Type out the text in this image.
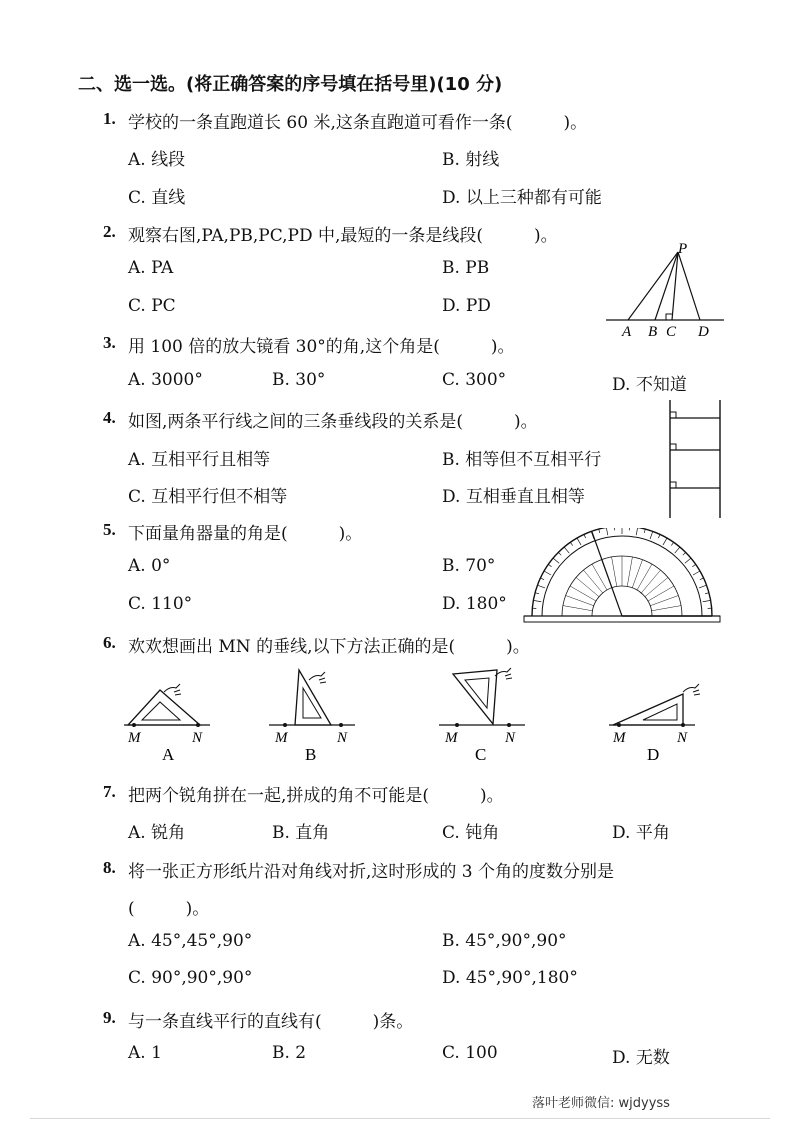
二、选一选。(将正确答案的序号填在括号里)(10 分)
1. 学校的一条直跑道长 60 米,这条直跑道可看作一条(　　　)。
A. 线段	B. 射线
C. 直线	D. 以上三种都有可能
2. 观察右图,PA,PB,PC,PD 中,最短的一条是线段(　　　)。
A. PA	B. PB
C. PC	D. PD
P
A B C D
3. 用 100 倍的放大镜看 30°的角,这个角是(　　　)。
A. 3000°	B. 30°	C. 300°	D. 不知道
4. 如图,两条平行线之间的三条垂线段的关系是(　　　)。
A. 互相平行且相等	B. 相等但不互相平行
C. 互相平行但不相等	D. 互相垂直且相等
5. 下面量角器量的角是(　　　)。
A. 0°	B. 70°
C. 110°	D. 180°
6. 欢欢想画出 MN 的垂线,以下方法正确的是(　　　)。
M	N
A
M	N
B
M	N
C
M	N
D
7. 把两个锐角拼在一起,拼成的角不可能是(　　　)。
A. 锐角	B. 直角	C. 钝角	D. 平角
8. 将一张正方形纸片沿对角线对折,这时形成的 3 个角的度数分别是
(　　　)。
A. 45°,45°,90°	B. 45°,90°,90°
C. 90°,90°,90°	D. 45°,90°,180°
9. 与一条直线平行的直线有(　　　)条。
A. 1	B. 2	C. 100	D. 无数
落叶老师微信: wjdyyss
